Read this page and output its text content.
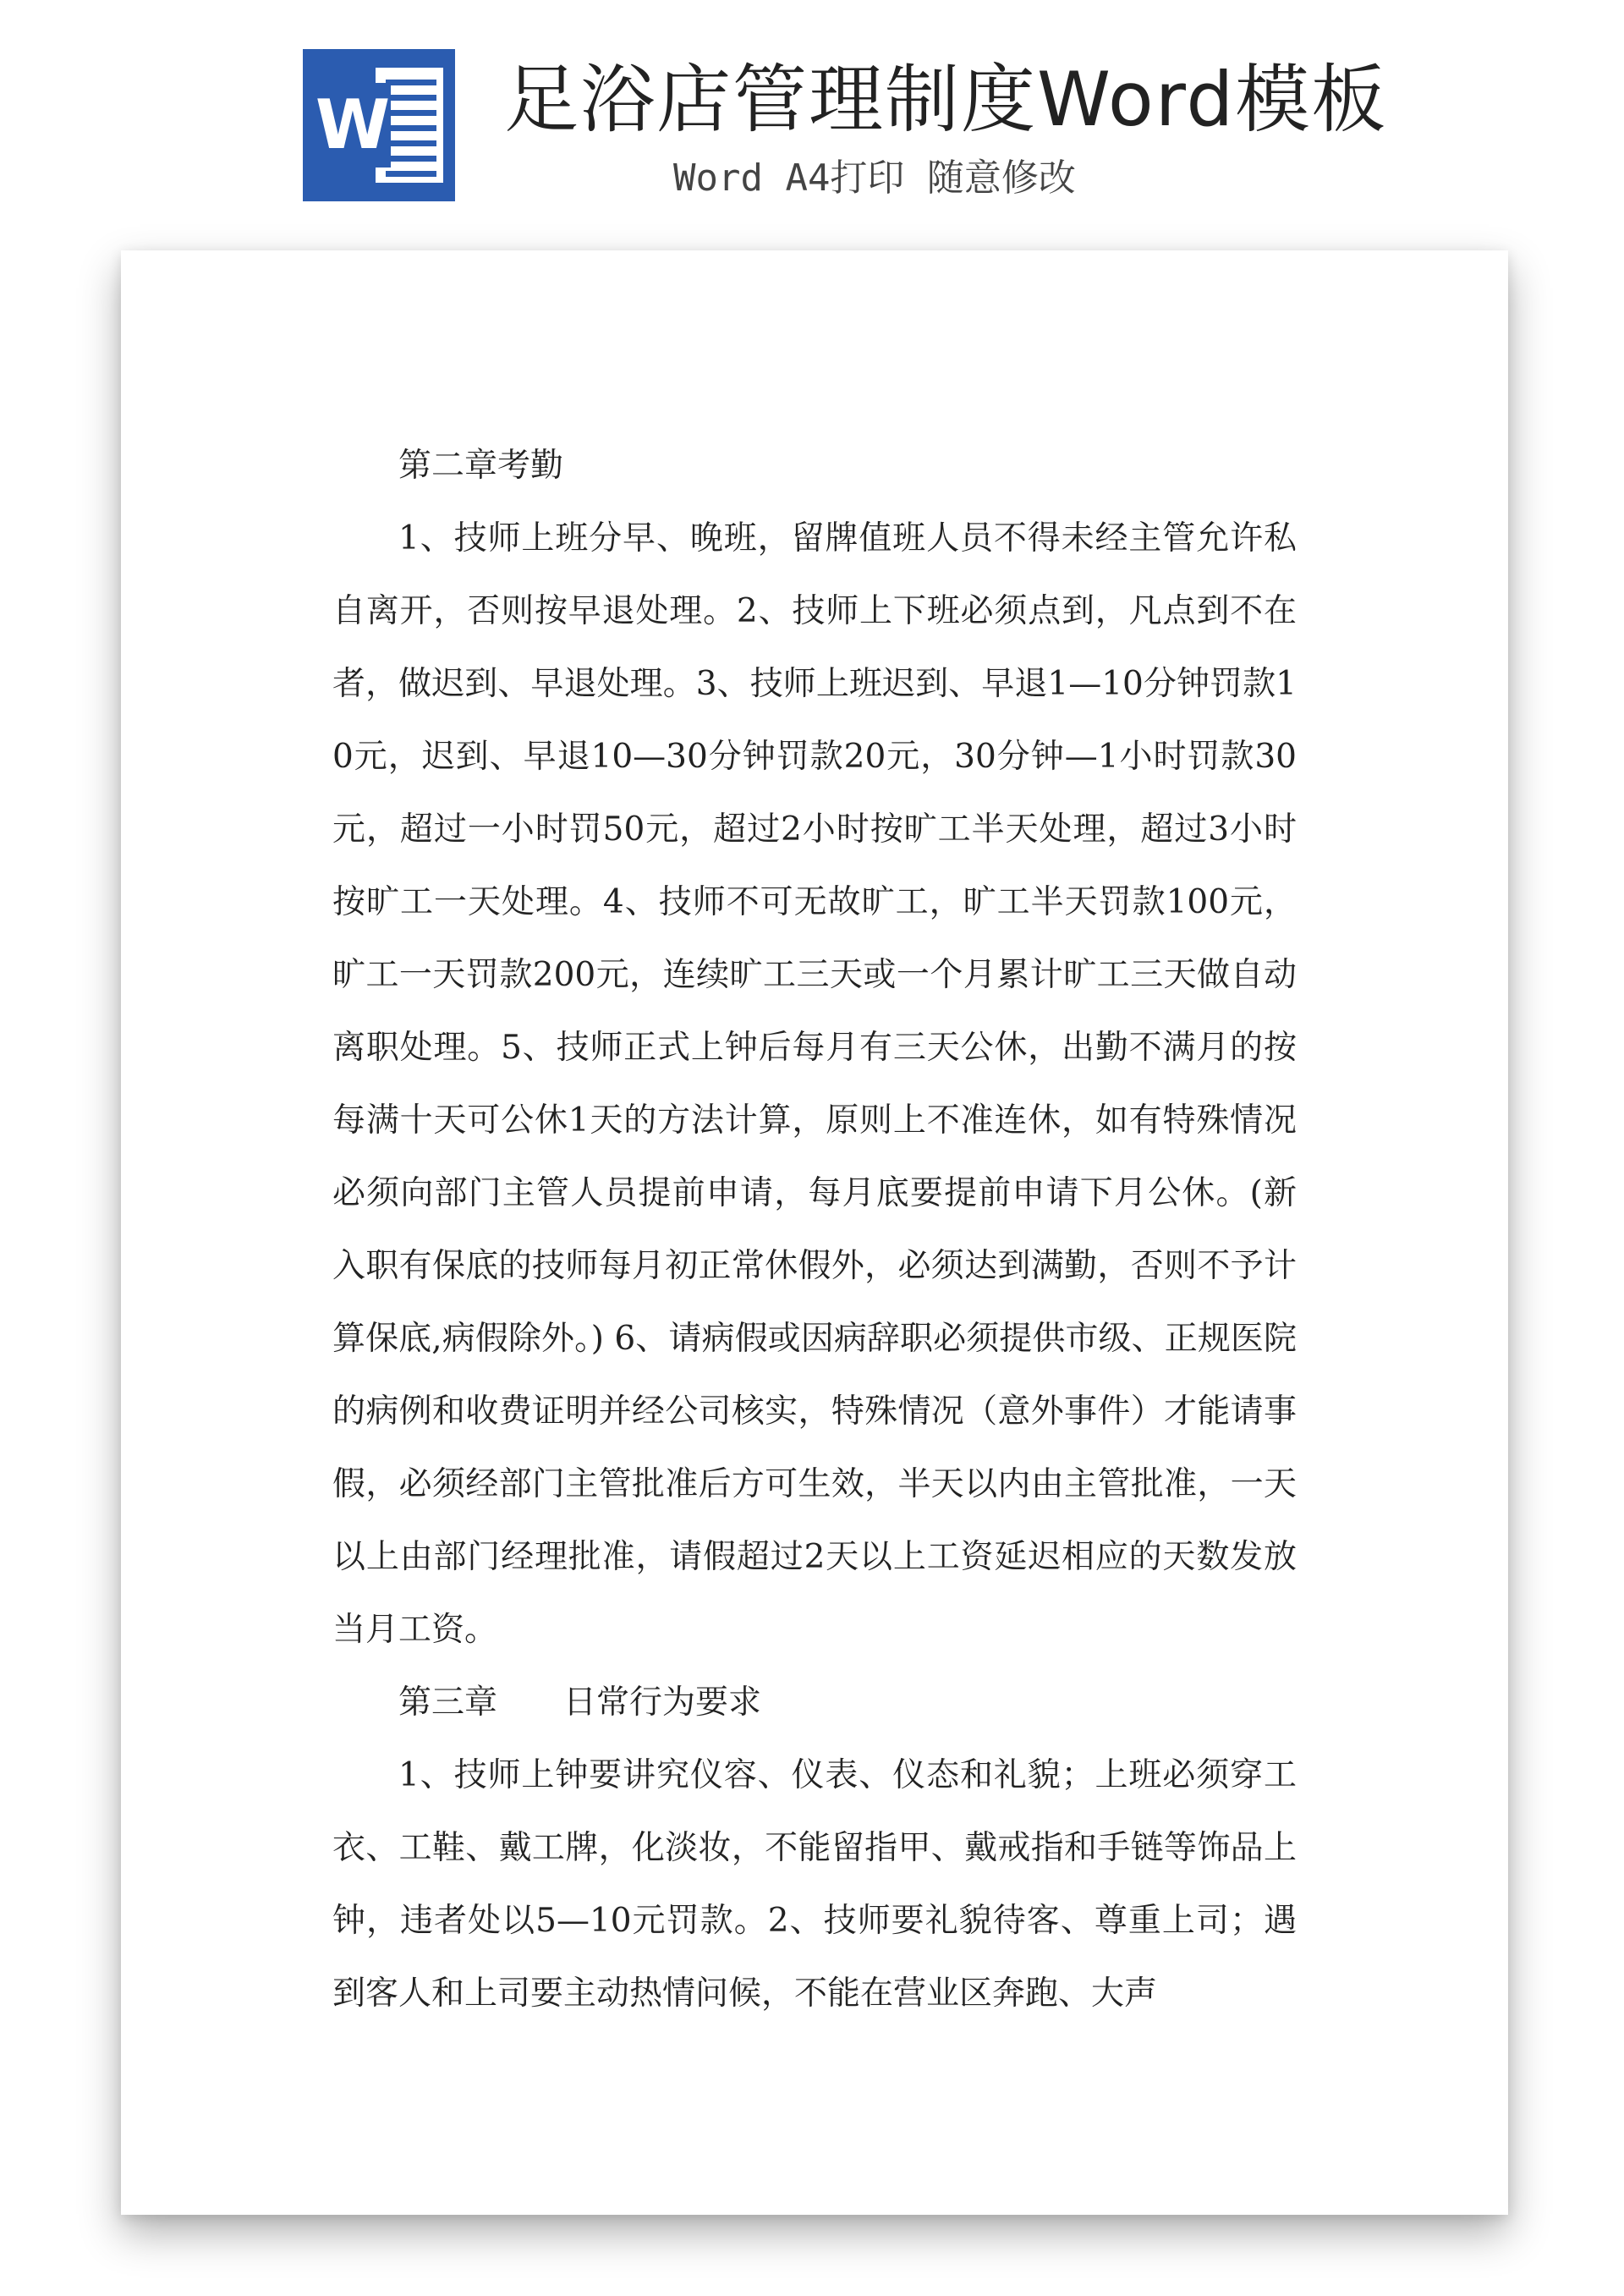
W 足浴店管理制度Word模板
Word A4打印 随意修改

第二章考勤

1、技师上班分早、晚班，留牌值班人员不得未经主管允许私自离开，否则按早退处理。2、技师上下班必须点到，凡点到不在者，做迟到、早退处理。3、技师上班迟到、早退1—10分钟罚款10元，迟到、早退10—30分钟罚款20元，30分钟—1小时罚款30元，超过一小时罚50元，超过2小时按旷工半天处理，超过3小时按旷工一天处理。4、技师不可无故旷工，旷工半天罚款100元，旷工一天罚款200元，连续旷工三天或一个月累计旷工三天做自动离职处理。5、技师正式上钟后每月有三天公休，出勤不满月的按每满十天可公休1天的方法计算，原则上不准连休，如有特殊情况必须向部门主管人员提前申请，每月底要提前申请下月公休。(新入职有保底的技师每月初正常休假外，必须达到满勤，否则不予计算保底,病假除外。) 6、请病假或因病辞职必须提供市级、正规医院的病例和收费证明并经公司核实，特殊情况（意外事件）才能请事假，必须经部门主管批准后方可生效，半天以内由主管批准，一天以上由部门经理批准，请假超过2天以上工资延迟相应的天数发放当月工资。

第三章　　日常行为要求

1、技师上钟要讲究仪容、仪表、仪态和礼貌；上班必须穿工衣、工鞋、戴工牌，化淡妆，不能留指甲、戴戒指和手链等饰品上钟，违者处以5—10元罚款。2、技师要礼貌待客、尊重上司；遇到客人和上司要主动热情问候，不能在营业区奔跑、大声
